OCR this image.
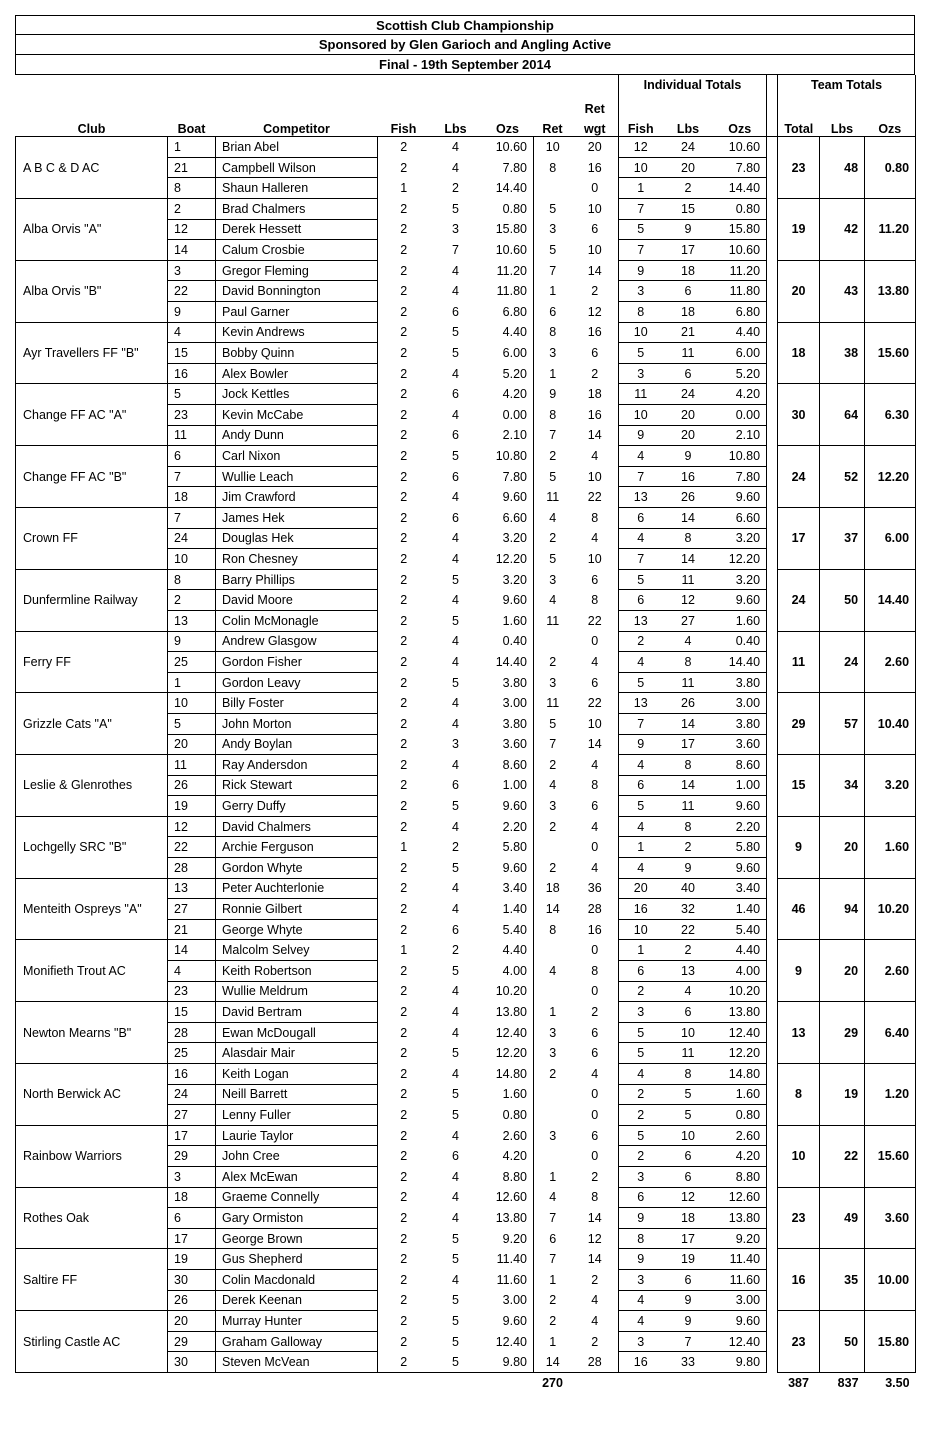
Scottish Club Championship
Sponsored by Glen Garioch and Angling Active
Final - 19th September 2014
								Individual Totals				Team Totals		
							Ret							
Club	Boat	Competitor	Fish	Lbs	Ozs	Ret	wgt	Fish	Lbs	Ozs		Total	Lbs	Ozs
A B C & D AC	1	Brian Abel	2	4	10.60	10	20	12	24	10.60		23	48	0.80
	21	Campbell Wilson	2	4	7.80	8	16	10	20	7.80				
	8	Shaun Halleren	1	2	14.40		0	1	2	14.40				
Alba Orvis "A"	2	Brad Chalmers	2	5	0.80	5	10	7	15	0.80		19	42	11.20
	12	Derek Hessett	2	3	15.80	3	6	5	9	15.80				
	14	Calum Crosbie	2	7	10.60	5	10	7	17	10.60				
Alba Orvis "B"	3	Gregor Fleming	2	4	11.20	7	14	9	18	11.20		20	43	13.80
	22	David Bonnington	2	4	11.80	1	2	3	6	11.80				
	9	Paul Garner	2	6	6.80	6	12	8	18	6.80				
Ayr Travellers FF "B"	4	Kevin Andrews	2	5	4.40	8	16	10	21	4.40		18	38	15.60
	15	Bobby Quinn	2	5	6.00	3	6	5	11	6.00				
	16	Alex Bowler	2	4	5.20	1	2	3	6	5.20				
Change FF AC "A"	5	Jock Kettles	2	6	4.20	9	18	11	24	4.20		30	64	6.30
	23	Kevin McCabe	2	4	0.00	8	16	10	20	0.00				
	11	Andy Dunn	2	6	2.10	7	14	9	20	2.10				
Change FF AC "B"	6	Carl Nixon	2	5	10.80	2	4	4	9	10.80		24	52	12.20
	7	Wullie Leach	2	6	7.80	5	10	7	16	7.80				
	18	Jim Crawford	2	4	9.60	11	22	13	26	9.60				
Crown FF	7	James Hek	2	6	6.60	4	8	6	14	6.60		17	37	6.00
	24	Douglas Hek	2	4	3.20	2	4	4	8	3.20				
	10	Ron Chesney	2	4	12.20	5	10	7	14	12.20				
Dunfermline Railway	8	Barry Phillips	2	5	3.20	3	6	5	11	3.20		24	50	14.40
	2	David Moore	2	4	9.60	4	8	6	12	9.60				
	13	Colin McMonagle	2	5	1.60	11	22	13	27	1.60				
Ferry FF	9	Andrew Glasgow	2	4	0.40		0	2	4	0.40		11	24	2.60
	25	Gordon Fisher	2	4	14.40	2	4	4	8	14.40				
	1	Gordon Leavy	2	5	3.80	3	6	5	11	3.80				
Grizzle Cats "A"	10	Billy Foster	2	4	3.00	11	22	13	26	3.00		29	57	10.40
	5	John Morton	2	4	3.80	5	10	7	14	3.80				
	20	Andy Boylan	2	3	3.60	7	14	9	17	3.60				
Leslie & Glenrothes	11	Ray Andersdon	2	4	8.60	2	4	4	8	8.60		15	34	3.20
	26	Rick Stewart	2	6	1.00	4	8	6	14	1.00				
	19	Gerry Duffy	2	5	9.60	3	6	5	11	9.60				
Lochgelly SRC "B"	12	David Chalmers	2	4	2.20	2	4	4	8	2.20		9	20	1.60
	22	Archie Ferguson	1	2	5.80		0	1	2	5.80				
	28	Gordon Whyte	2	5	9.60	2	4	4	9	9.60				
Menteith Ospreys "A"	13	Peter Auchterlonie	2	4	3.40	18	36	20	40	3.40		46	94	10.20
	27	Ronnie Gilbert	2	4	1.40	14	28	16	32	1.40				
	21	George Whyte	2	6	5.40	8	16	10	22	5.40				
Monifieth Trout AC	14	Malcolm Selvey	1	2	4.40		0	1	2	4.40		9	20	2.60
	4	Keith Robertson	2	5	4.00	4	8	6	13	4.00				
	23	Wullie Meldrum	2	4	10.20		0	2	4	10.20				
Newton Mearns "B"	15	David Bertram	2	4	13.80	1	2	3	6	13.80		13	29	6.40
	28	Ewan McDougall	2	4	12.40	3	6	5	10	12.40				
	25	Alasdair Mair	2	5	12.20	3	6	5	11	12.20				
North Berwick AC	16	Keith Logan	2	4	14.80	2	4	4	8	14.80		8	19	1.20
	24	Neill Barrett	2	5	1.60		0	2	5	1.60				
	27	Lenny Fuller	2	5	0.80		0	2	5	0.80				
Rainbow Warriors	17	Laurie Taylor	2	4	2.60	3	6	5	10	2.60		10	22	15.60
	29	John Cree	2	6	4.20		0	2	6	4.20				
	3	Alex McEwan	2	4	8.80	1	2	3	6	8.80				
Rothes Oak	18	Graeme Connelly	2	4	12.60	4	8	6	12	12.60		23	49	3.60
	6	Gary Ormiston	2	4	13.80	7	14	9	18	13.80				
	17	George Brown	2	5	9.20	6	12	8	17	9.20				
Saltire FF	19	Gus Shepherd	2	5	11.40	7	14	9	19	11.40		16	35	10.00
	30	Colin Macdonald	2	4	11.60	1	2	3	6	11.60				
	26	Derek Keenan	2	5	3.00	2	4	4	9	3.00				
Stirling Castle AC	20	Murray Hunter	2	5	9.60	2	4	4	9	9.60		23	50	15.80
	29	Graham Galloway	2	5	12.40	1	2	3	7	12.40				
	30	Steven McVean	2	5	9.80	14	28	16	33	9.80				
						270						387	837	3.50
